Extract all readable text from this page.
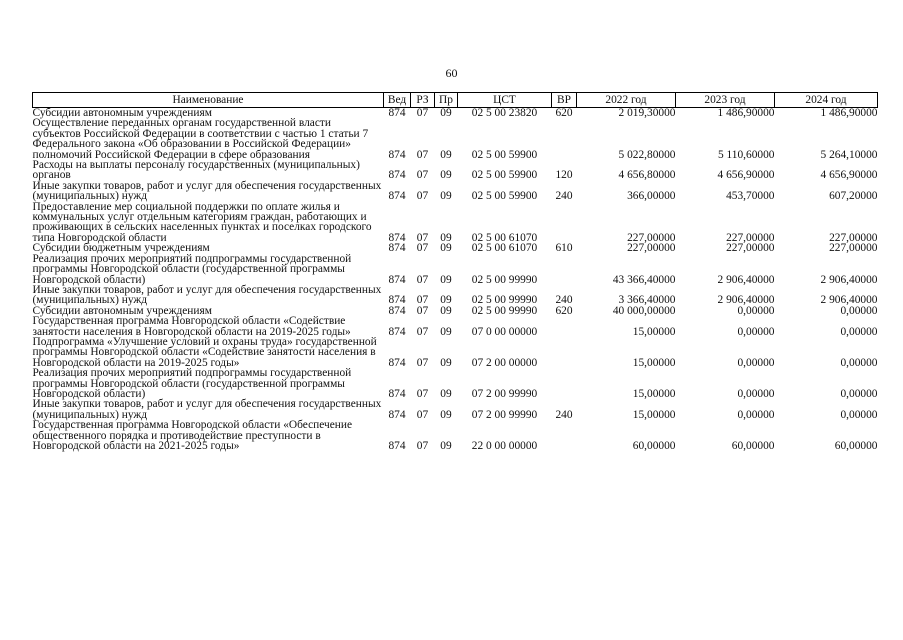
60
Наименование	Вед	РЗ	Пр	ЦСТ	ВР	2022 год	2023 год	2024 год
Субсидии автономным учреждениям	874	07	09	02 5 00 23820	620	2 019,30000	1 486,90000	1 486,90000
Осуществление переданных органам государственной власти субъектов Российской Федерации в соответствии с частью 1 статьи 7 Федерального закона «Об образовании в Российской Федерации» полномочий Российской Федерации в сфере образования	874	07	09	02 5 00 59900		5 022,80000	5 110,60000	5 264,10000
Расходы на выплаты персоналу государственных (муниципальных) органов	874	07	09	02 5 00 59900	120	4 656,80000	4 656,90000	4 656,90000
Иные закупки товаров, работ и услуг для обеспечения государственных (муниципальных) нужд	874	07	09	02 5 00 59900	240	366,00000	453,70000	607,20000
Предоставление мер социальной поддержки по оплате жилья и коммунальных услуг отдельным категориям граждан, работающих и проживающих в сельских населенных пунктах и поселках городского типа Новгородской области	874	07	09	02 5 00 61070		227,00000	227,00000	227,00000
Субсидии бюджетным учреждениям	874	07	09	02 5 00 61070	610	227,00000	227,00000	227,00000
Реализация прочих мероприятий подпрограммы государственной программы Новгородской области (государственной программы Новгородской области)	874	07	09	02 5 00 99990		43 366,40000	2 906,40000	2 906,40000
Иные закупки товаров, работ и услуг для обеспечения государственных (муниципальных) нужд	874	07	09	02 5 00 99990	240	3 366,40000	2 906,40000	2 906,40000
Субсидии автономным учреждениям	874	07	09	02 5 00 99990	620	40 000,00000	0,00000	0,00000
Государственная программа Новгородской области «Содействие занятости населения в Новгородской области на 2019-2025 годы»	874	07	09	07 0 00 00000		15,00000	0,00000	0,00000
Подпрограмма «Улучшение условий и охраны труда» государственной программы Новгородской области «Содействие занятости населения в Новгородской области на 2019-2025 годы»	874	07	09	07 2 00 00000		15,00000	0,00000	0,00000
Реализация прочих мероприятий подпрограммы государственной программы Новгородской области (государственной программы Новгородской области)	874	07	09	07 2 00 99990		15,00000	0,00000	0,00000
Иные закупки товаров, работ и услуг для обеспечения государственных (муниципальных) нужд	874	07	09	07 2 00 99990	240	15,00000	0,00000	0,00000
Государственная программа Новгородской области «Обеспечение общественного порядка и противодействие преступности в Новгородской области на 2021-2025 годы»	874	07	09	22 0 00 00000		60,00000	60,00000	60,00000
